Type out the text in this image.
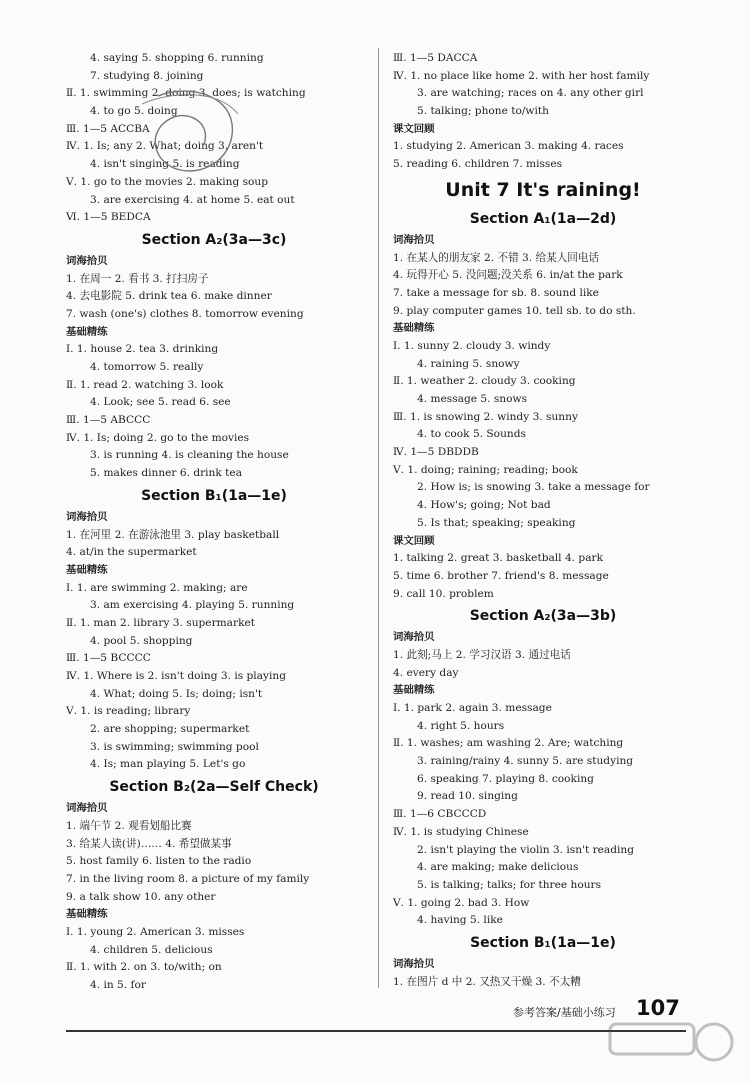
4. saying 5. shopping 6. running
7. studying 8. joining
Ⅱ. 1. swimming 2. doing 3. does; is watching
4. to go 5. doing
Ⅲ. 1—5 ACCBA
Ⅳ. 1. Is; any 2. What; doing 3. aren't
4. isn't singing 5. is reading
Ⅴ. 1. go to the movies 2. making soup
3. are exercising 4. at home 5. eat out
Ⅵ. 1—5 BEDCA
Section A₂(3a—3c)
词海拾贝
1. 在周一 2. 看书 3. 打扫房子
4. 去电影院 5. drink tea 6. make dinner
7. wash (one's) clothes 8. tomorrow evening
基础精练
Ⅰ. 1. house 2. tea 3. drinking
4. tomorrow 5. really
Ⅱ. 1. read 2. watching 3. look
4. Look; see 5. read 6. see
Ⅲ. 1—5 ABCCC
Ⅳ. 1. Is; doing 2. go to the movies
3. is running 4. is cleaning the house
5. makes dinner 6. drink tea
Section B₁(1a—1e)
词海拾贝
1. 在河里 2. 在游泳池里 3. play basketball
4. at/in the supermarket
基础精练
Ⅰ. 1. are swimming 2. making; are
3. am exercising 4. playing 5. running
Ⅱ. 1. man 2. library 3. supermarket
4. pool 5. shopping
Ⅲ. 1—5 BCCCC
Ⅳ. 1. Where is 2. isn't doing 3. is playing
4. What; doing 5. Is; doing; isn't
Ⅴ. 1. is reading; library
2. are shopping; supermarket
3. is swimming; swimming pool
4. Is; man playing 5. Let's go
Section B₂(2a—Self Check)
词海拾贝
1. 端午节 2. 观看划船比赛
3. 给某人读(讲)…… 4. 希望做某事
5. host family 6. listen to the radio
7. in the living room 8. a picture of my family
9. a talk show 10. any other
基础精练
Ⅰ. 1. young 2. American 3. misses
4. children 5. delicious
Ⅱ. 1. with 2. on 3. to/with; on
4. in 5. for
Ⅲ. 1—5 DACCA
Ⅳ. 1. no place like home 2. with her host family
3. are watching; races on 4. any other girl
5. talking; phone to/with
课文回顾
1. studying 2. American 3. making 4. races
5. reading 6. children 7. misses
Unit 7 It's raining!
Section A₁(1a—2d)
词海拾贝
1. 在某人的朋友家 2. 不错 3. 给某人回电话
4. 玩得开心 5. 没问题;没关系 6. in/at the park
7. take a message for sb. 8. sound like
9. play computer games 10. tell sb. to do sth.
基础精练
Ⅰ. 1. sunny 2. cloudy 3. windy
4. raining 5. snowy
Ⅱ. 1. weather 2. cloudy 3. cooking
4. message 5. snows
Ⅲ. 1. is snowing 2. windy 3. sunny
4. to cook 5. Sounds
Ⅳ. 1—5 DBDDB
Ⅴ. 1. doing; raining; reading; book
2. How is; is snowing 3. take a message for
4. How's; going; Not bad
5. Is that; speaking; speaking
课文回顾
1. talking 2. great 3. basketball 4. park
5. time 6. brother 7. friend's 8. message
9. call 10. problem
Section A₂(3a—3b)
词海拾贝
1. 此刻;马上 2. 学习汉语 3. 通过电话
4. every day
基础精练
Ⅰ. 1. park 2. again 3. message
4. right 5. hours
Ⅱ. 1. washes; am washing 2. Are; watching
3. raining/rainy 4. sunny 5. are studying
6. speaking 7. playing 8. cooking
9. read 10. singing
Ⅲ. 1—6 CBCCCD
Ⅳ. 1. is studying Chinese
2. isn't playing the violin 3. isn't reading
4. are making; make delicious
5. is talking; talks; for three hours
Ⅴ. 1. going 2. bad 3. How
4. having 5. like
Section B₁(1a—1e)
词海拾贝
1. 在图片 d 中 2. 又热又干燥 3. 不太糟
参考答案/基础小练习 107
